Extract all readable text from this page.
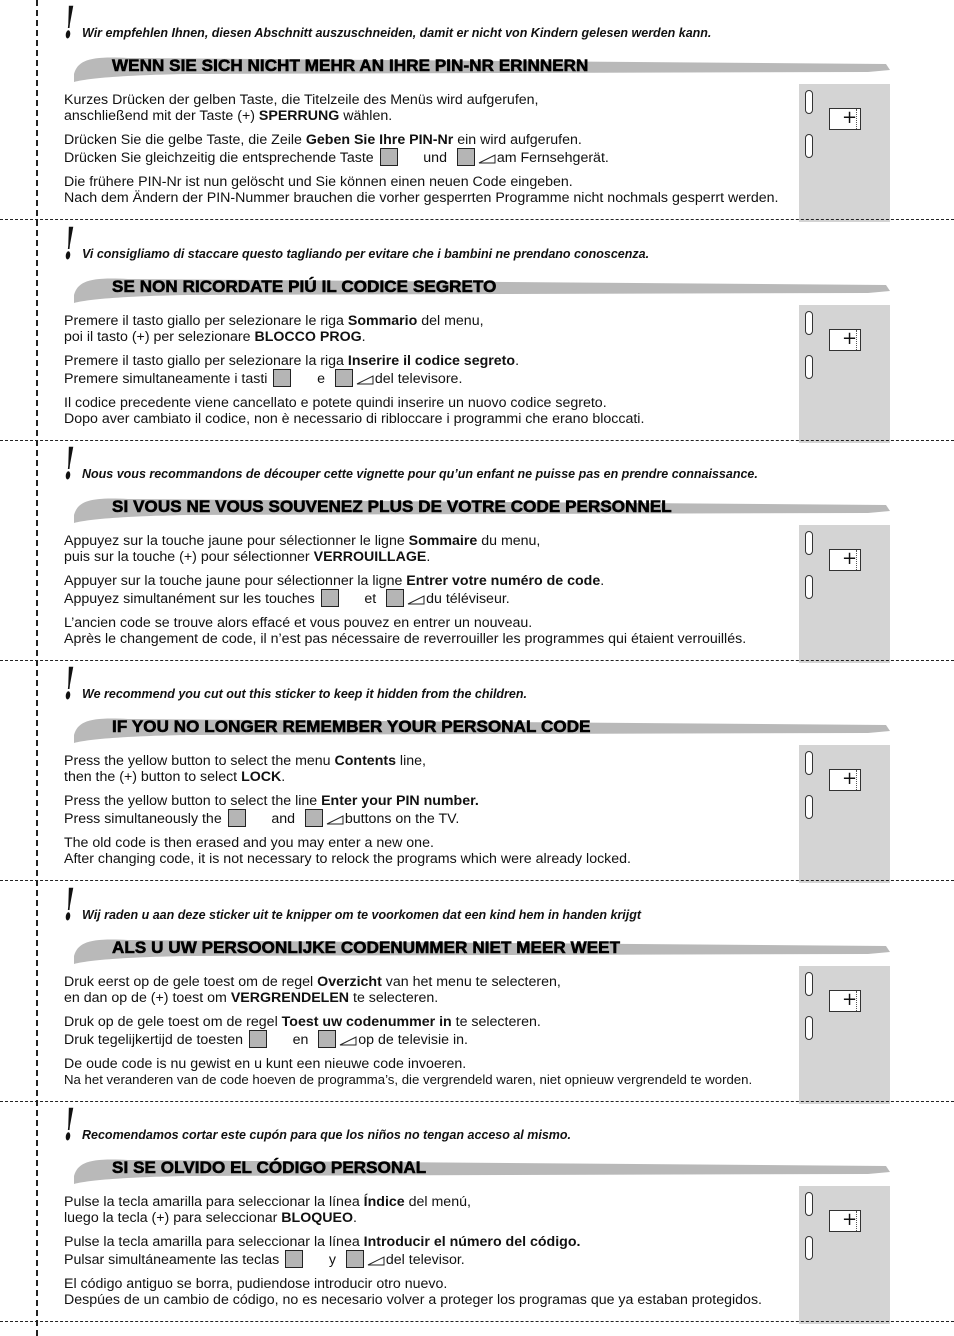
! Wir empfehlen Ihnen, diesen Abschnitt auszuschneiden, damit er nicht von Kindern gelesen werden kann.
WENN SIE SICH NICHT MEHR AN IHRE PIN-NR ERINNERN

Kurzes Drücken der gelben Taste, die Titelzeile des Menüs wird aufgerufen,
anschließend mit der Taste (+) SPERRUNG wählen.

Drücken Sie die gelbe Taste, die Zeile Geben Sie Ihre PIN-Nr ein wird aufgerufen.
Drücken Sie gleichzeitig die entsprechende Taste	und	am Fernsehgerät.

Die frühere PIN-Nr ist nun gelöscht und Sie können einen neuen Code eingeben.
Nach dem Ändern der PIN-Nummer brauchen die vorher gesperrten Programme nicht nochmals gesperrt werden.

+
! Vi consigliamo di staccare questo tagliando per evitare che i bambini ne prendano conoscenza.
SE NON RICORDATE PIÚ IL CODICE SEGRETO

Premere il tasto giallo per selezionare le riga Sommario del menu,
poi il tasto (+) per selezionare BLOCCO PROG.

Premere il tasto giallo per selezionare la riga Inserire il codice segreto.
Premere simultaneamente i tasti	e	del televisore.

Il codice precedente viene cancellato e potete quindi inserire un nuovo codice segreto.
Dopo aver cambiato il codice, non è necessario di ribloccare i programmi che erano bloccati.

+
! Nous vous recommandons de découper cette vignette pour qu’un enfant ne puisse pas en prendre connaissance.
SI VOUS NE VOUS SOUVENEZ PLUS DE VOTRE CODE PERSONNEL

Appuyez sur la touche jaune pour sélectionner le ligne Sommaire du menu,
puis sur la touche (+) pour sélectionner VERROUILLAGE.

Appuyer sur la touche jaune pour sélectionner la ligne Entrer votre numéro de code.
Appuyez simultanément sur les touches	et	du téléviseur.

L’ancien code se trouve alors effacé et vous pouvez en entrer un nouveau.
Après le changement de code, il n’est pas nécessaire de reverrouiller les programmes qui étaient verrouillés.

+
! We recommend you cut out this sticker to keep it hidden from the children.
IF YOU NO LONGER REMEMBER YOUR PERSONAL CODE

Press the yellow button to select the menu Contents line,
then the (+) button to select LOCK.

Press the yellow button to select the line Enter your PIN number.
Press simultaneously the	and	buttons on the TV.

The old code is then erased and you may enter a new one.
After changing code, it is not necessary to relock the programs which were already locked.

+
! Wij raden u aan deze sticker uit te knipper om te voorkomen dat een kind hem in handen krijgt
ALS U UW PERSOONLIJKE CODENUMMER NIET MEER WEET

Druk eerst op de gele toest om de regel Overzicht van het menu te selecteren,
en dan op de (+) toest om VERGRENDELEN te selecteren.

Druk op de gele toest om de regel Toest uw codenummer in te selecteren.
Druk tegelijkertijd de toesten	en	op de televisie in.

De oude code is nu gewist en u kunt een nieuwe code invoeren.
Na het veranderen van de code hoeven de programma’s, die vergrendeld waren, niet opnieuw vergrendeld te worden.

+
! Recomendamos cortar este cupón para que los niños no tengan acceso al mismo.
SI SE OLVIDO EL CÓDIGO PERSONAL

Pulse la tecla amarilla para seleccionar la línea Índice del menú,
luego la tecla (+) para seleccionar BLOQUEO.

Pulse la tecla amarilla para seleccionar la línea Introducir el número del código.
Pulsar simultáneamente las teclas	y	del televisor.

El código antiguo se borra, pudiendose introducir otro nuevo.
Despúes de un cambio de código, no es necesario volver a proteger los programas que ya estaban protegidos.

+
